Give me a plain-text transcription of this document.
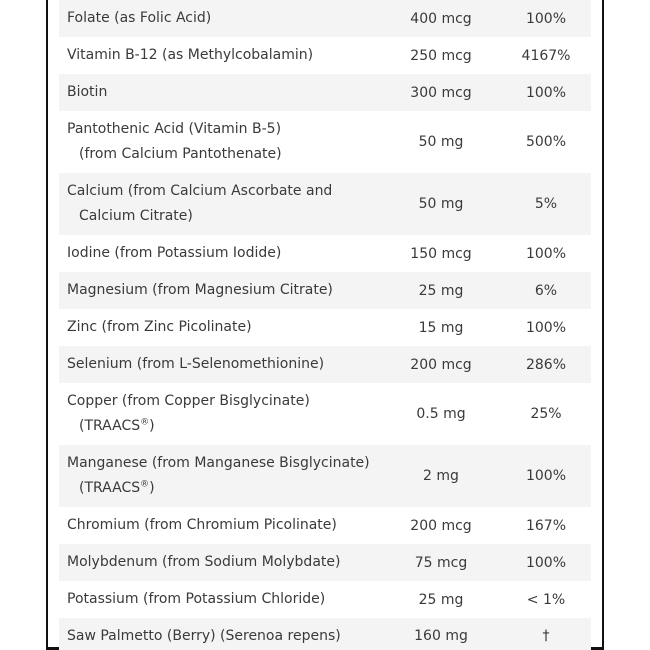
Folate (as Folic Acid)	400 mcg	100%
Vitamin B-12 (as Methylcobalamin)	250 mcg	4167%
Biotin	300 mcg	100%
Pantothenic Acid (Vitamin B-5)
(from Calcium Pantothenate)
50 mg	500%
Calcium (from Calcium Ascorbate and
Calcium Citrate)
50 mg	5%
Iodine (from Potassium Iodide)	150 mcg	100%
Magnesium (from Magnesium Citrate)	25 mg	6%
Zinc (from Zinc Picolinate)	15 mg	100%
Selenium (from L-Selenomethionine)	200 mcg	286%
Copper (from Copper Bisglycinate)
(TRAACS®)
0.5 mg	25%
Manganese (from Manganese Bisglycinate)
(TRAACS®)
2 mg	100%
Chromium (from Chromium Picolinate)	200 mcg	167%
Molybdenum (from Sodium Molybdate)	75 mcg	100%
Potassium (from Potassium Chloride)	25 mg	< 1%
Saw Palmetto (Berry) (Serenoa repens)	160 mg	†
